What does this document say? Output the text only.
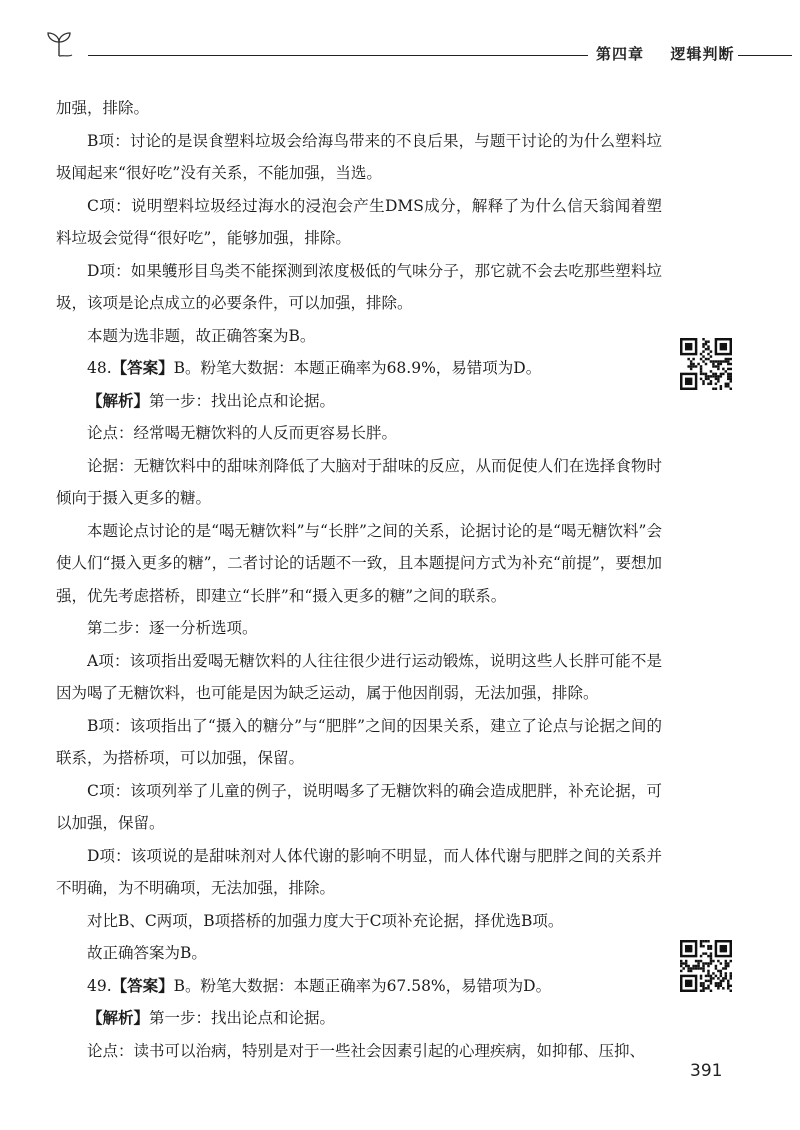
第四章 逻辑判断

加强，排除。

B项：讨论的是误食塑料垃圾会给海鸟带来的不良后果，与题干讨论的为什么塑料垃圾闻起来“很好吃”没有关系，不能加强，当选。

C项：说明塑料垃圾经过海水的浸泡会产生DMS成分，解释了为什么信天翁闻着塑料垃圾会觉得“很好吃”，能够加强，排除。

D项：如果鹱形目鸟类不能探测到浓度极低的气味分子，那它就不会去吃那些塑料垃圾，该项是论点成立的必要条件，可以加强，排除。

本题为选非题，故正确答案为B。

48.【答案】B。粉笔大数据：本题正确率为68.9%，易错项为D。

【解析】第一步：找出论点和论据。

论点：经常喝无糖饮料的人反而更容易长胖。

论据：无糖饮料中的甜味剂降低了大脑对于甜味的反应，从而促使人们在选择食物时倾向于摄入更多的糖。

本题论点讨论的是“喝无糖饮料”与“长胖”之间的关系，论据讨论的是“喝无糖饮料”会使人们“摄入更多的糖”，二者讨论的话题不一致，且本题提问方式为补充“前提”，要想加强，优先考虑搭桥，即建立“长胖”和“摄入更多的糖”之间的联系。

第二步：逐一分析选项。

A项：该项指出爱喝无糖饮料的人往往很少进行运动锻炼，说明这些人长胖可能不是因为喝了无糖饮料，也可能是因为缺乏运动，属于他因削弱，无法加强，排除。

B项：该项指出了“摄入的糖分”与“肥胖”之间的因果关系，建立了论点与论据之间的联系，为搭桥项，可以加强，保留。

C项：该项列举了儿童的例子，说明喝多了无糖饮料的确会造成肥胖，补充论据，可以加强，保留。

D项：该项说的是甜味剂对人体代谢的影响不明显，而人体代谢与肥胖之间的关系并不明确，为不明确项，无法加强，排除。

对比B、C两项，B项搭桥的加强力度大于C项补充论据，择优选B项。

故正确答案为B。

49.【答案】B。粉笔大数据：本题正确率为67.58%，易错项为D。

【解析】第一步：找出论点和论据。

论点：读书可以治病，特别是对于一些社会因素引起的心理疾病，如抑郁、压抑、

391
